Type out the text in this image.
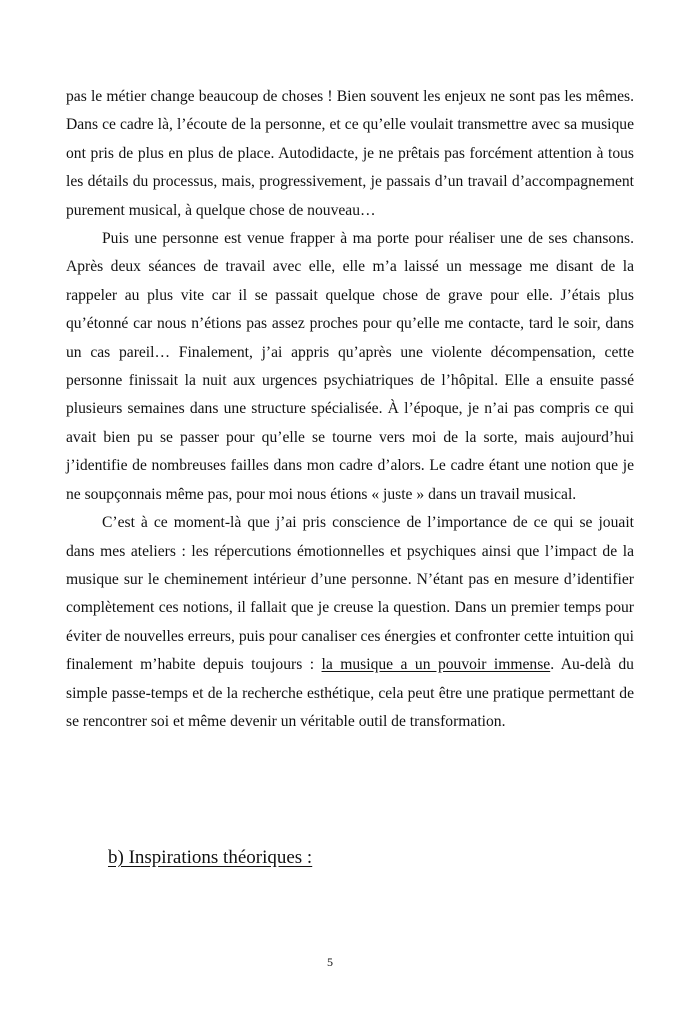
pas le métier change beaucoup de choses ! Bien souvent les enjeux ne sont pas les mêmes. Dans ce cadre là, l’écoute de la personne, et ce qu’elle voulait transmettre avec sa musique ont pris de plus en plus de place. Autodidacte, je ne prêtais pas forcément attention à tous les détails du processus, mais, progressivement, je passais d’un travail d’accompagnement purement musical, à quelque chose de nouveau…

Puis une personne est venue frapper à ma porte pour réaliser une de ses chansons. Après deux séances de travail avec elle, elle m’a laissé un message me disant de la rappeler au plus vite car il se passait quelque chose de grave pour elle. J’étais plus qu’étonné car nous n’étions pas assez proches pour qu’elle me contacte, tard le soir, dans un cas pareil… Finalement, j’ai appris qu’après une violente décompensation, cette personne finissait la nuit aux urgences psychiatriques de l’hôpital. Elle a ensuite passé plusieurs semaines dans une structure spécialisée. À l’époque, je n’ai pas compris ce qui avait bien pu se passer pour qu’elle se tourne vers moi de la sorte, mais aujourd’hui j’identifie de nombreuses failles dans mon cadre d’alors. Le cadre étant une notion que je ne soupçonnais même pas, pour moi nous étions « juste » dans un travail musical.

C’est à ce moment-là que j’ai pris conscience de l’importance de ce qui se jouait dans mes ateliers : les répercutions émotionnelles et psychiques ainsi que l’impact de la musique sur le cheminement intérieur d’une personne. N’étant pas en mesure d’identifier complètement ces notions, il fallait que je creuse la question. Dans un premier temps pour éviter de nouvelles erreurs, puis pour canaliser ces énergies et confronter cette intuition qui finalement m’habite depuis toujours : la musique a un pouvoir immense. Au-delà du simple passe-temps et de la recherche esthétique, cela peut être une pratique permettant de se rencontrer soi et même devenir un véritable outil de transformation.

b) Inspirations théoriques :
5
